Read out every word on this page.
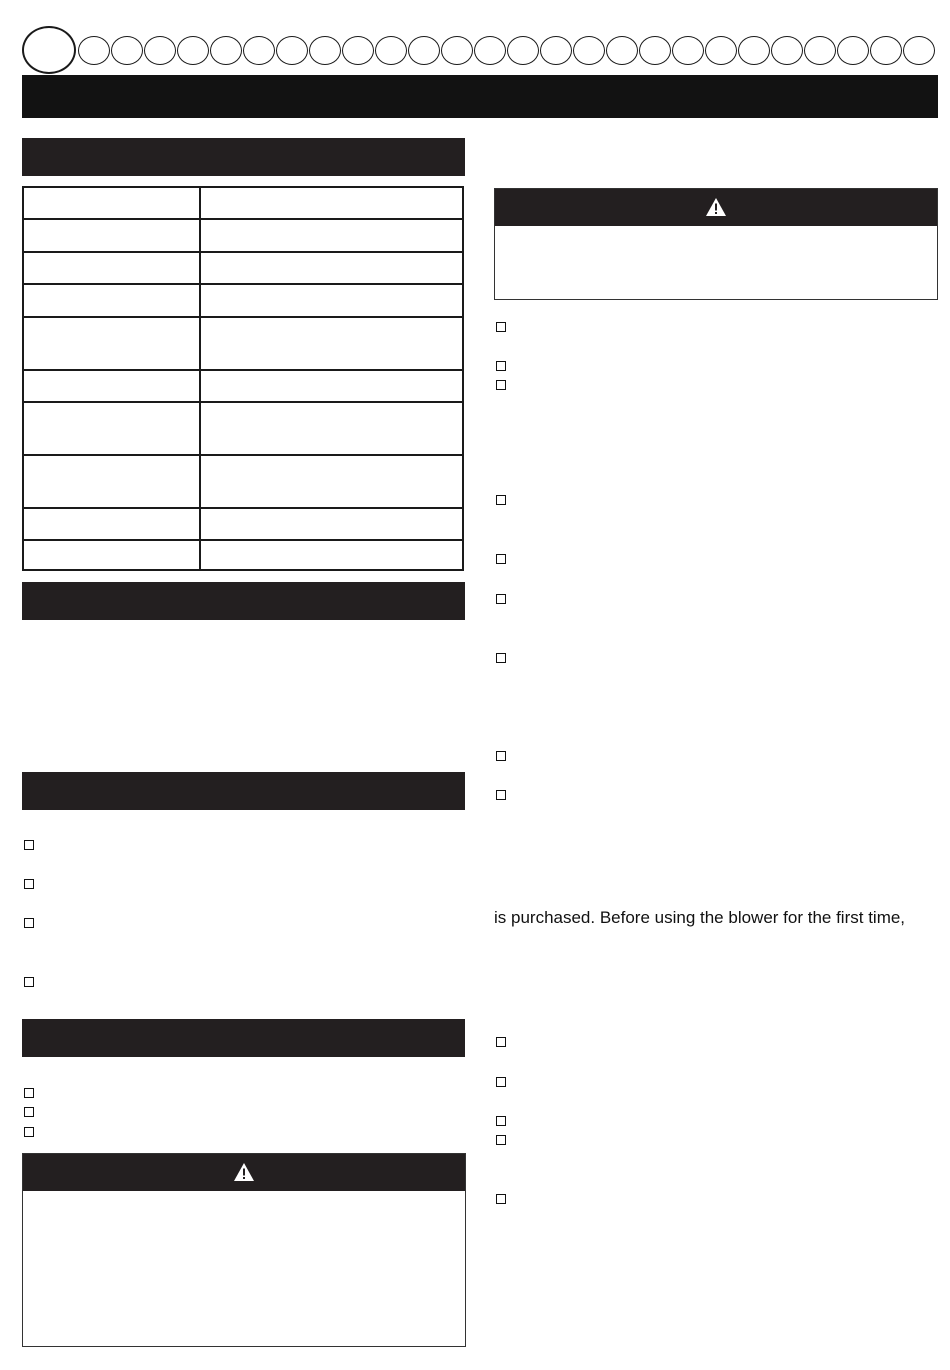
is purchased. Before using the blower for the first time,
